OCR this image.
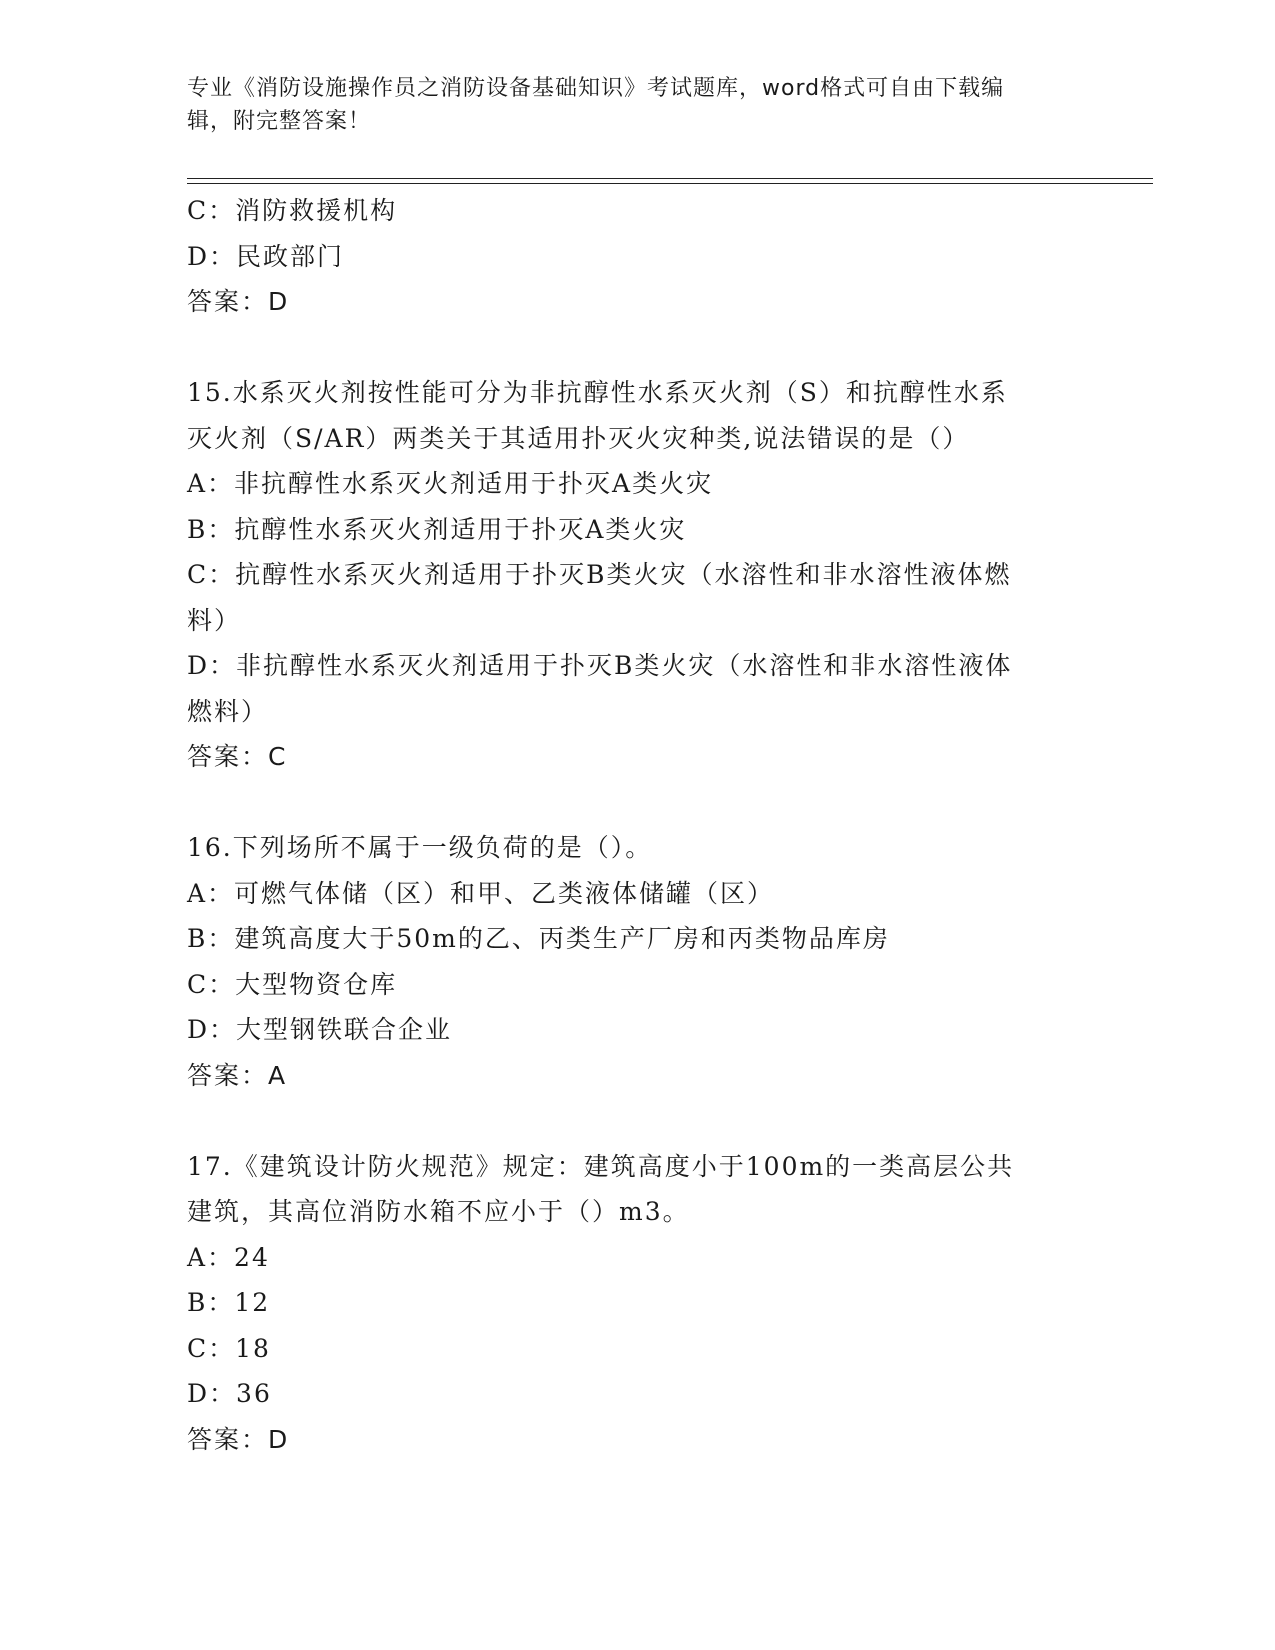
专业《消防设施操作员之消防设备基础知识》考试题库，word格式可自由下载编
辑，附完整答案！
C：消防救援机构
D：民政部门
答案：D
15.水系灭火剂按性能可分为非抗醇性水系灭火剂（S）和抗醇性水系
灭火剂（S/AR）两类关于其适用扑灭火灾种类,说法错误的是（）
A：非抗醇性水系灭火剂适用于扑灭A类火灾
B：抗醇性水系灭火剂适用于扑灭A类火灾
C：抗醇性水系灭火剂适用于扑灭B类火灾（水溶性和非水溶性液体燃
料）
D：非抗醇性水系灭火剂适用于扑灭B类火灾（水溶性和非水溶性液体
燃料）
答案：C
16.下列场所不属于一级负荷的是（）。
A：可燃气体储（区）和甲、乙类液体储罐（区）
B：建筑高度大于50m的乙、丙类生产厂房和丙类物品库房
C：大型物资仓库
D：大型钢铁联合企业
答案：A
17.《建筑设计防火规范》规定：建筑高度小于100m的一类高层公共
建筑，其高位消防水箱不应小于（）m3。
A：24
B：12
C：18
D：36
答案：D
